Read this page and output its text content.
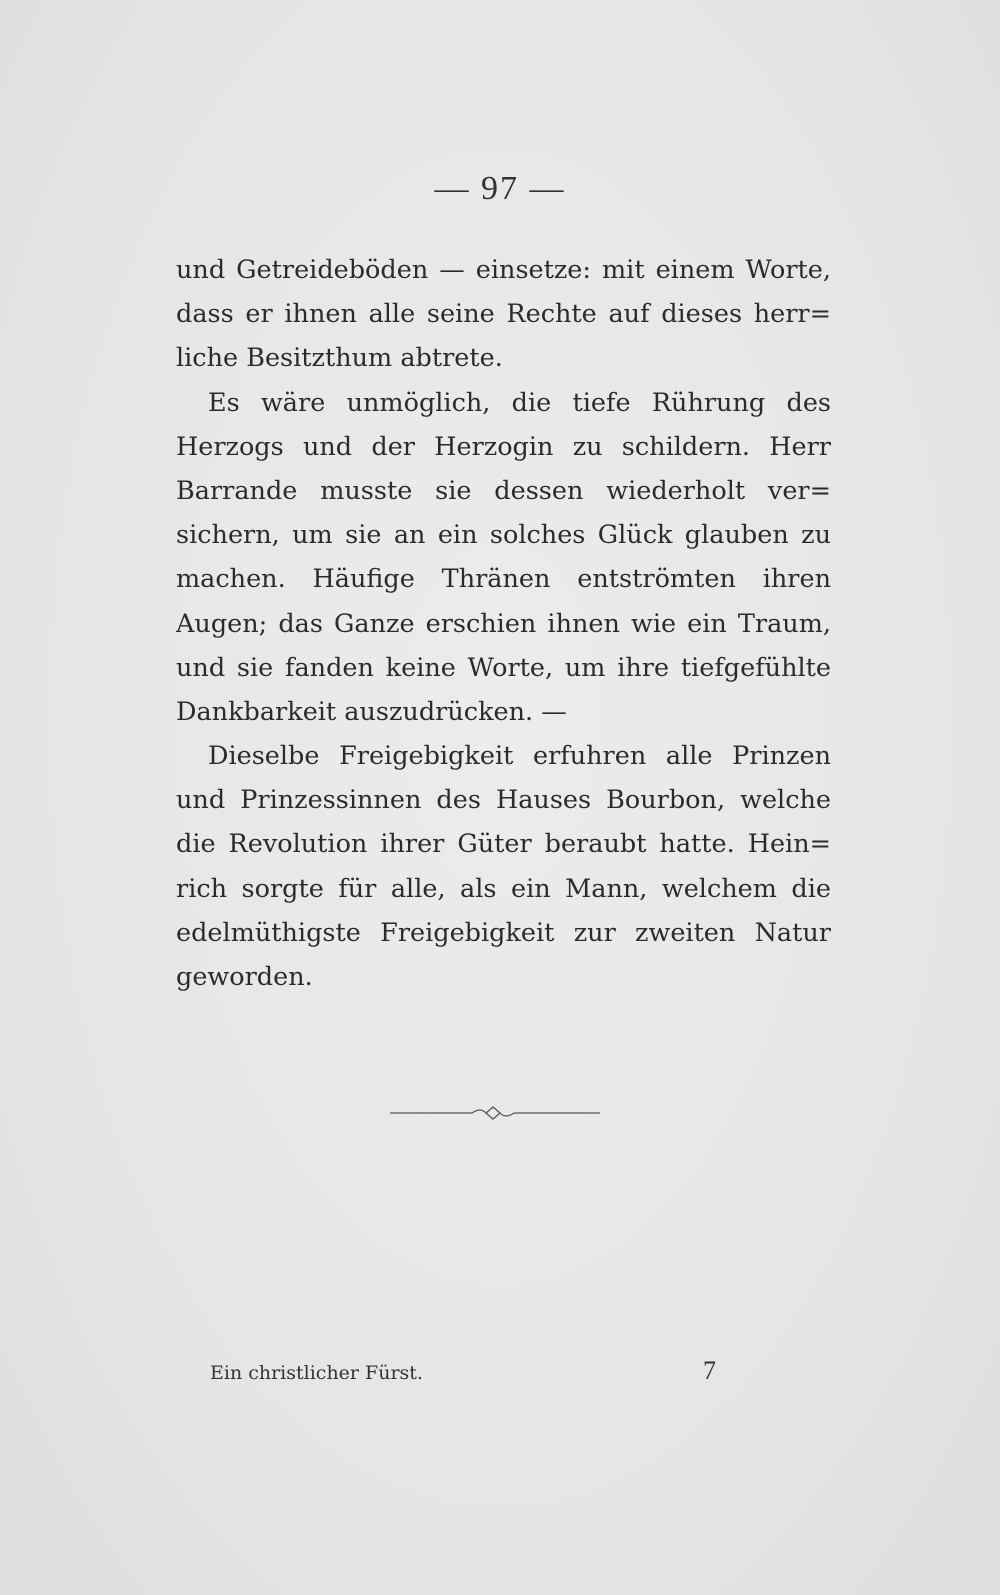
— 97 —
und Getreideböden — einsetze: mit einem Worte,
dass er ihnen alle seine Rechte auf dieses herr=
liche Besitzthum abtrete.
Es wäre unmöglich, die tiefe Rührung des
Herzogs und der Herzogin zu schildern. Herr
Barrande musste sie dessen wiederholt ver=
sichern, um sie an ein solches Glück glauben zu
machen. Häufige Thränen entströmten ihren
Augen; das Ganze erschien ihnen wie ein Traum,
und sie fanden keine Worte, um ihre tiefgefühlte
Dankbarkeit auszudrücken. —
Dieselbe Freigebigkeit erfuhren alle Prinzen
und Prinzessinnen des Hauses Bourbon, welche
die Revolution ihrer Güter beraubt hatte. Hein=
rich sorgte für alle, als ein Mann, welchem die
edelmüthigste Freigebigkeit zur zweiten Natur
geworden.
Ein christlicher Fürst.	7
